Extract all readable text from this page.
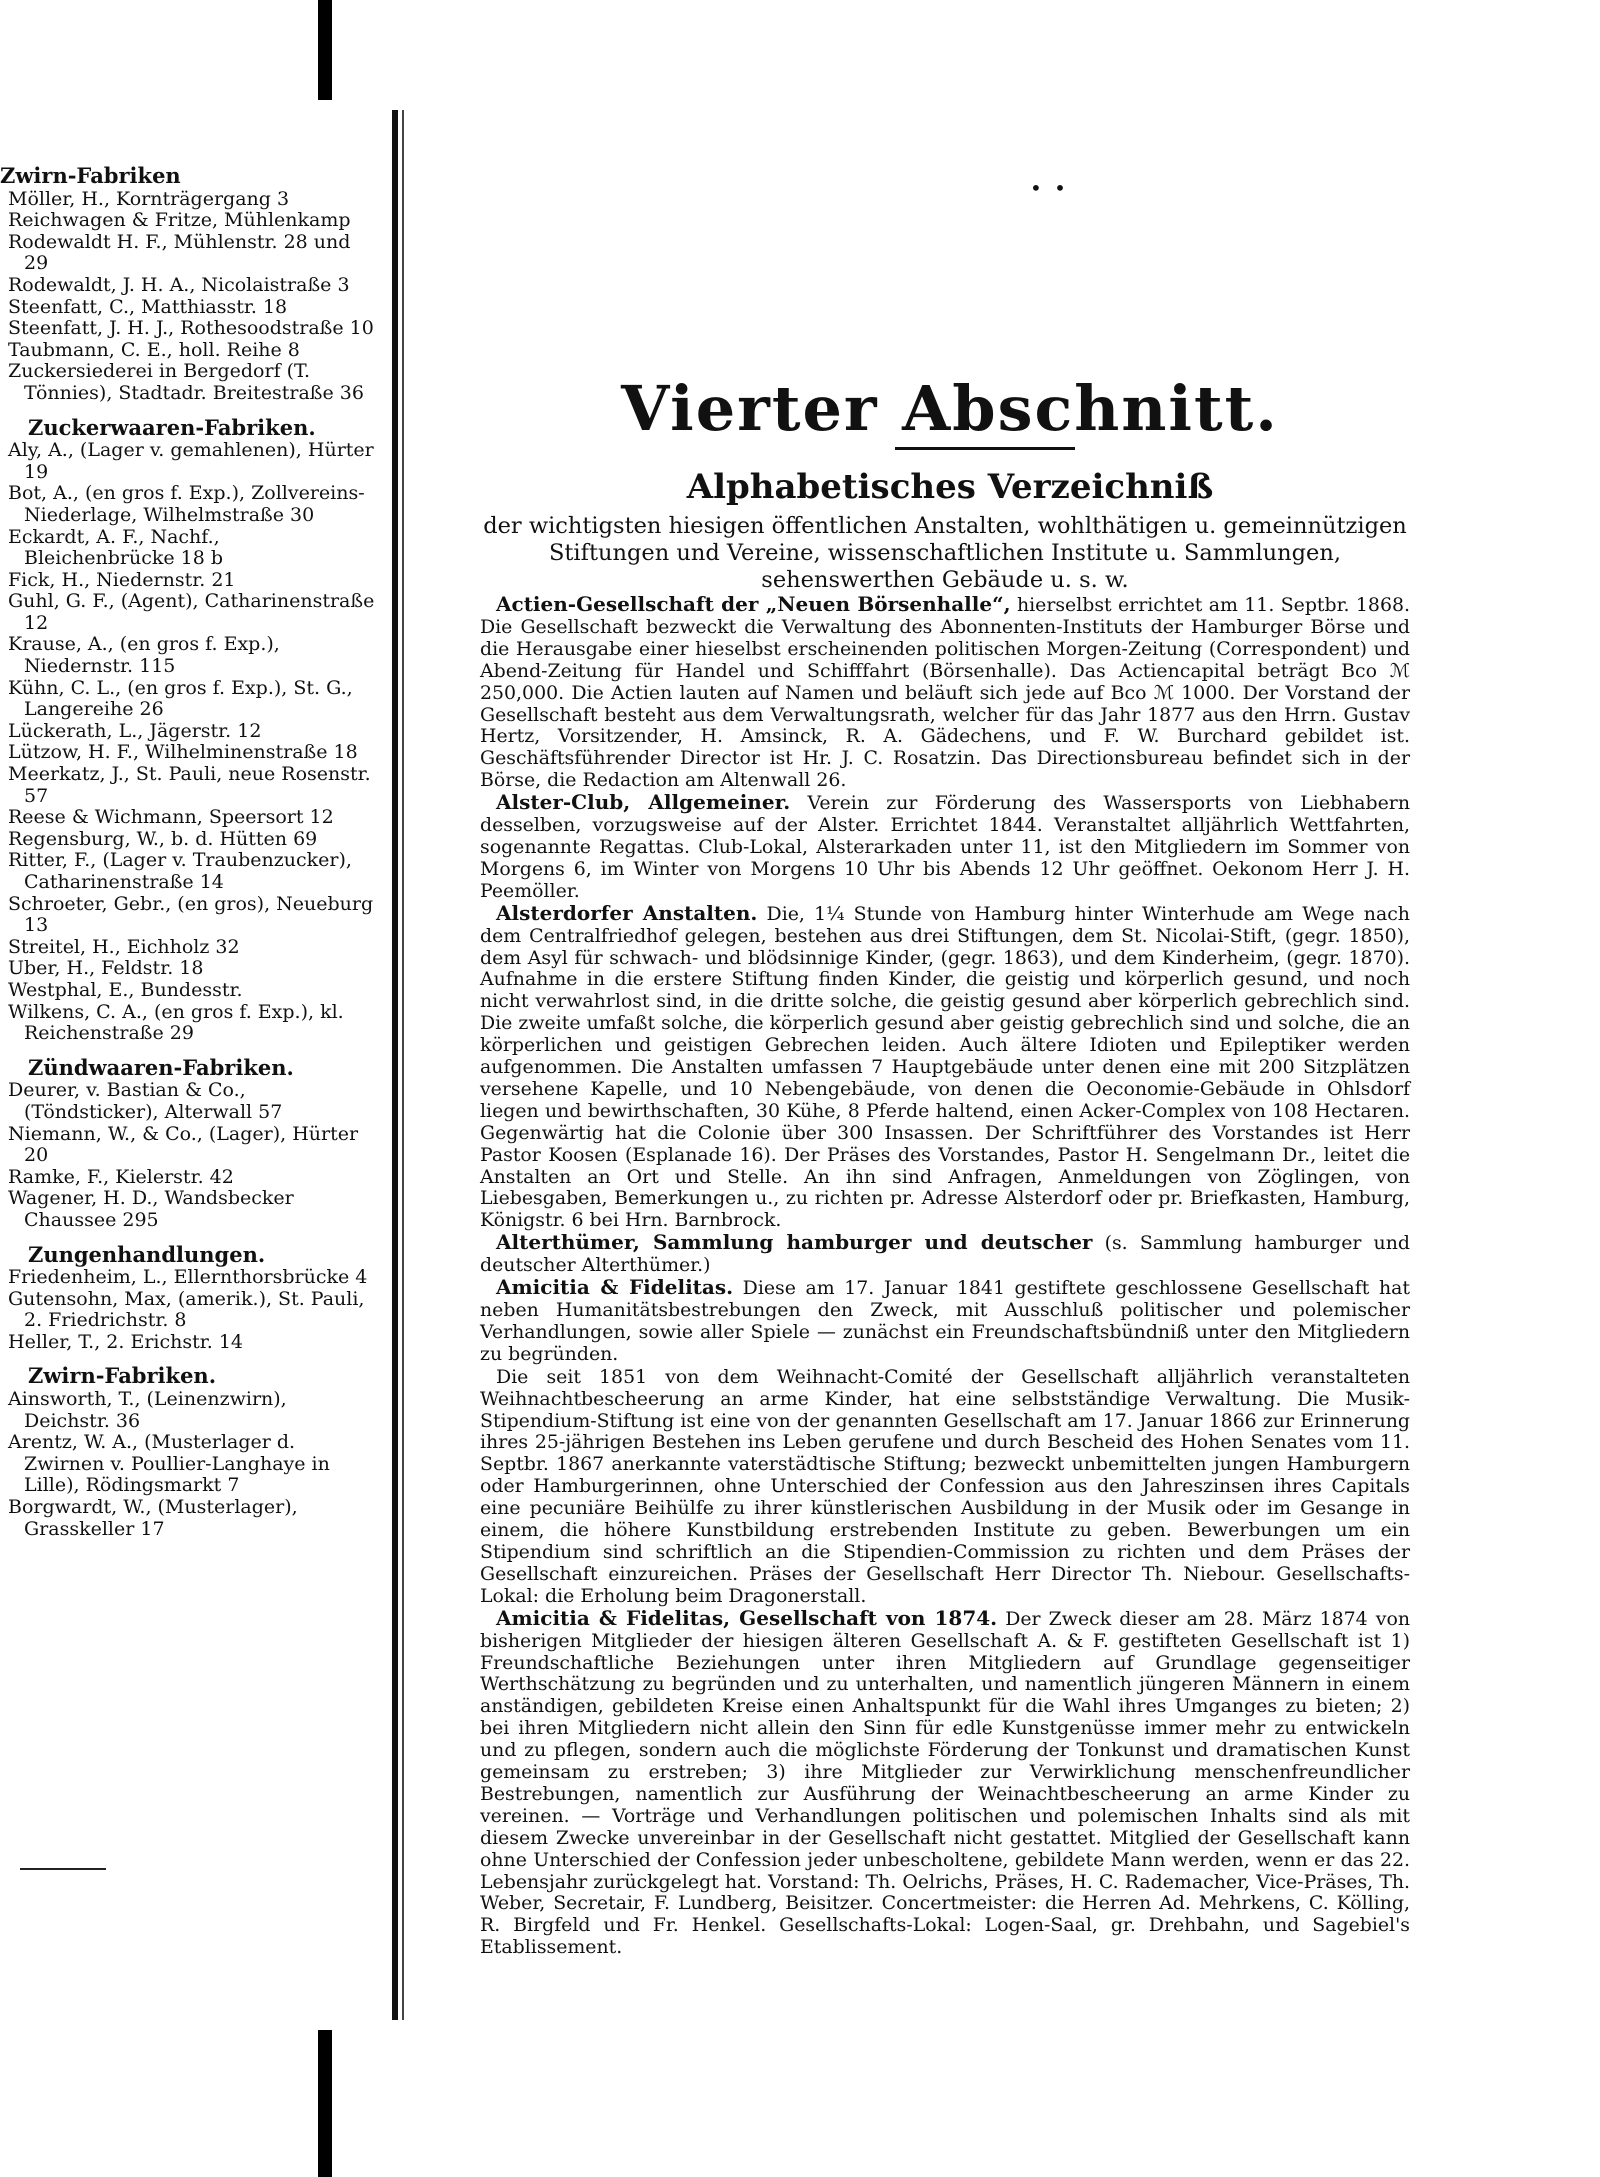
Zwirn-Fabriken

Möller, H., Kornträgergang 3

Reichwagen & Fritze, Mühlenkamp

Rodewaldt H. F., Mühlenstr. 28 und 29

Rodewaldt, J. H. A., Nicolaistraße 3

Steenfatt, C., Matthiasstr. 18

Steenfatt, J. H. J., Rothesoodstraße 10

Taubmann, C. E., holl. Reihe 8

Zuckersiederei in Bergedorf (T. Tönnies), Stadtadr. Breitestraße 36

Zuckerwaaren-Fabriken.

Aly, A., (Lager v. gemahlenen), Hürter 19

Bot, A., (en gros f. Exp.), Zollvereins-Niederlage, Wilhelmstraße 30

Eckardt, A. F., Nachf., Bleichenbrücke 18 b

Fick, H., Niedernstr. 21

Guhl, G. F., (Agent), Catharinenstraße 12

Krause, A., (en gros f. Exp.), Niedernstr. 115

Kühn, C. L., (en gros f. Exp.), St. G., Langereihe 26

Lückerath, L., Jägerstr. 12

Lützow, H. F., Wilhelminenstraße 18

Meerkatz, J., St. Pauli, neue Rosenstr. 57

Reese & Wichmann, Speersort 12

Regensburg, W., b. d. Hütten 69

Ritter, F., (Lager v. Traubenzucker), Catharinenstraße 14

Schroeter, Gebr., (en gros), Neueburg 13

Streitel, H., Eichholz 32

Uber, H., Feldstr. 18

Westphal, E., Bundesstr.

Wilkens, C. A., (en gros f. Exp.), kl. Reichenstraße 29

Zündwaaren-Fabriken.

Deurer, v. Bastian & Co., (Töndsticker), Alterwall 57

Niemann, W., & Co., (Lager), Hürter 20

Ramke, F., Kielerstr. 42

Wagener, H. D., Wandsbecker Chaussee 295

Zungenhandlungen.

Friedenheim, L., Ellernthorsbrücke 4

Gutensohn, Max, (amerik.), St. Pauli, 2. Friedrichstr. 8

Heller, T., 2. Erichstr. 14

Zwirn-Fabriken.

Ainsworth, T., (Leinenzwirn), Deichstr. 36

Arentz, W. A., (Musterlager d. Zwirnen v. Poullier-Langhaye in Lille), Rödingsmarkt 7

Borgwardt, W., (Musterlager), Grasskeller 17

• •
Vierter Abschnitt.
Alphabetisches Verzeichniß

der wichtigsten hiesigen öffentlichen Anstalten, wohlthätigen u. gemeinnützigen Stiftungen und Vereine, wissenschaftlichen Institute u. Sammlungen, sehenswerthen Gebäude u. s. w.

Actien-Gesellschaft der „Neuen Börsenhalle“, hierselbst errichtet am 11. Septbr. 1868. Die Gesellschaft bezweckt die Verwaltung des Abonnenten-Instituts der Hamburger Börse und die Herausgabe einer hieselbst erscheinenden politischen Morgen-Zeitung (Correspondent) und Abend-Zeitung für Handel und Schifffahrt (Börsenhalle). Das Actiencapital beträgt Bco ℳ 250,000. Die Actien lauten auf Namen und beläuft sich jede auf Bco ℳ 1000. Der Vorstand der Gesellschaft besteht aus dem Verwaltungsrath, welcher für das Jahr 1877 aus den Hrrn. Gustav Hertz, Vorsitzender, H. Amsinck, R. A. Gädechens, und F. W. Burchard gebildet ist. Geschäftsführender Director ist Hr. J. C. Rosatzin. Das Directionsbureau befindet sich in der Börse, die Redaction am Altenwall 26.

Alster-Club, Allgemeiner. Verein zur Förderung des Wassersports von Liebhabern desselben, vorzugsweise auf der Alster. Errichtet 1844. Veranstaltet alljährlich Wettfahrten, sogenannte Regattas. Club-Lokal, Alsterarkaden unter 11, ist den Mitgliedern im Sommer von Morgens 6, im Winter von Morgens 10 Uhr bis Abends 12 Uhr geöffnet. Oekonom Herr J. H. Peemöller.

Alsterdorfer Anstalten. Die, 1¼ Stunde von Hamburg hinter Winterhude am Wege nach dem Centralfriedhof gelegen, bestehen aus drei Stiftungen, dem St. Nicolai-Stift, (gegr. 1850), dem Asyl für schwach- und blödsinnige Kinder, (gegr. 1863), und dem Kinderheim, (gegr. 1870). Aufnahme in die erstere Stiftung finden Kinder, die geistig und körperlich gesund, und noch nicht verwahrlost sind, in die dritte solche, die geistig gesund aber körperlich gebrechlich sind. Die zweite umfaßt solche, die körperlich gesund aber geistig gebrechlich sind und solche, die an körperlichen und geistigen Gebrechen leiden. Auch ältere Idioten und Epileptiker werden aufgenommen. Die Anstalten umfassen 7 Hauptgebäude unter denen eine mit 200 Sitzplätzen versehene Kapelle, und 10 Nebengebäude, von denen die Oeconomie-Gebäude in Ohlsdorf liegen und bewirthschaften, 30 Kühe, 8 Pferde haltend, einen Acker-Complex von 108 Hectaren. Gegenwärtig hat die Colonie über 300 Insassen. Der Schriftführer des Vorstandes ist Herr Pastor Koosen (Esplanade 16). Der Präses des Vorstandes, Pastor H. Sengelmann Dr., leitet die Anstalten an Ort und Stelle. An ihn sind Anfragen, Anmeldungen von Zöglingen, von Liebesgaben, Bemerkungen u., zu richten pr. Adresse Alsterdorf oder pr. Briefkasten, Hamburg, Königstr. 6 bei Hrn. Barnbrock.

Alterthümer, Sammlung hamburger und deutscher (s. Sammlung hamburger und deutscher Alterthümer.)

Amicitia & Fidelitas. Diese am 17. Januar 1841 gestiftete geschlossene Gesellschaft hat neben Humanitätsbestrebungen den Zweck, mit Ausschluß politischer und polemischer Verhandlungen, sowie aller Spiele — zunächst ein Freundschaftsbündniß unter den Mitgliedern zu begründen.

Die seit 1851 von dem Weihnacht-Comité der Gesellschaft alljährlich veranstalteten Weihnachtbescheerung an arme Kinder, hat eine selbstständige Verwaltung. Die Musik-Stipendium-Stiftung ist eine von der genannten Gesellschaft am 17. Januar 1866 zur Erinnerung ihres 25-jährigen Bestehen ins Leben gerufene und durch Bescheid des Hohen Senates vom 11. Septbr. 1867 anerkannte vaterstädtische Stiftung; bezweckt unbemittelten jungen Hamburgern oder Hamburgerinnen, ohne Unterschied der Confession aus den Jahreszinsen ihres Capitals eine pecuniäre Beihülfe zu ihrer künstlerischen Ausbildung in der Musik oder im Gesange in einem, die höhere Kunstbildung erstrebenden Institute zu geben. Bewerbungen um ein Stipendium sind schriftlich an die Stipendien-Commission zu richten und dem Präses der Gesellschaft einzureichen. Präses der Gesellschaft Herr Director Th. Niebour. Gesellschafts-Lokal: die Erholung beim Dragonerstall.

Amicitia & Fidelitas, Gesellschaft von 1874. Der Zweck dieser am 28. März 1874 von bisherigen Mitglieder der hiesigen älteren Gesellschaft A. & F. gestifteten Gesellschaft ist 1) Freundschaftliche Beziehungen unter ihren Mitgliedern auf Grundlage gegenseitiger Werthschätzung zu begründen und zu unterhalten, und namentlich jüngeren Männern in einem anständigen, gebildeten Kreise einen Anhaltspunkt für die Wahl ihres Umganges zu bieten; 2) bei ihren Mitgliedern nicht allein den Sinn für edle Kunstgenüsse immer mehr zu entwickeln und zu pflegen, sondern auch die möglichste Förderung der Tonkunst und dramatischen Kunst gemeinsam zu erstreben; 3) ihre Mitglieder zur Verwirklichung menschenfreundlicher Bestrebungen, namentlich zur Ausführung der Weinachtbescheerung an arme Kinder zu vereinen. — Vorträge und Verhandlungen politischen und polemischen Inhalts sind als mit diesem Zwecke unvereinbar in der Gesellschaft nicht gestattet. Mitglied der Gesellschaft kann ohne Unterschied der Confession jeder unbescholtene, gebildete Mann werden, wenn er das 22. Lebensjahr zurückgelegt hat. Vorstand: Th. Oelrichs, Präses, H. C. Rademacher, Vice-Präses, Th. Weber, Secretair, F. Lundberg, Beisitzer. Concertmeister: die Herren Ad. Mehrkens, C. Kölling, R. Birgfeld und Fr. Henkel. Gesellschafts-Lokal: Logen-Saal, gr. Drehbahn, und Sagebiel's Etablissement.
